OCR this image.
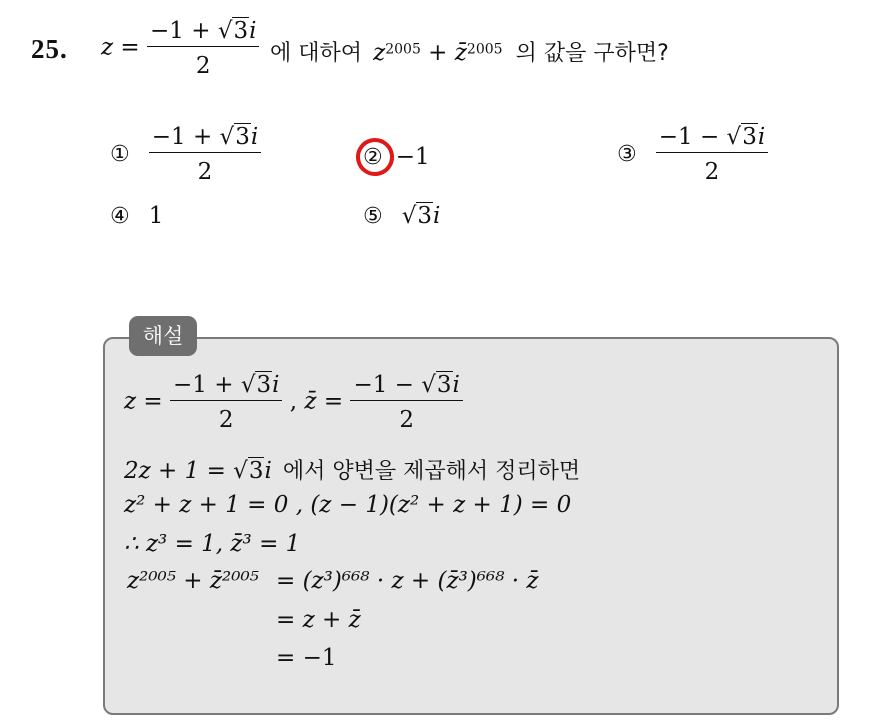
25. $z = \frac{-1 + √3i}{2}$ 에 대하여 $z^{2005}$ + z̄$^{2005}$ 의 값을 구하면?
① $\frac{-1 + √3i}{2}$	② −1	③ $\frac{-1 - √3i}{2}$
④ 1	⑤ √3i
해설
$z = \frac{-1 + √3i}{2}$ , z̄ = $\frac{-1 - √3i}{2}$
2z + 1 = √3i 에서 양변을 제곱해서 정리하면
z² + z + 1 = 0 , (z − 1)(z² + z + 1) = 0
∴ z³ = 1, z̄³ = 1
z²⁰⁰⁵ + z̄²⁰⁰⁵ = (z³)⁶⁶⁸ · z + (z̄³)⁶⁶⁸ · z̄
= z + z̄
= −1
